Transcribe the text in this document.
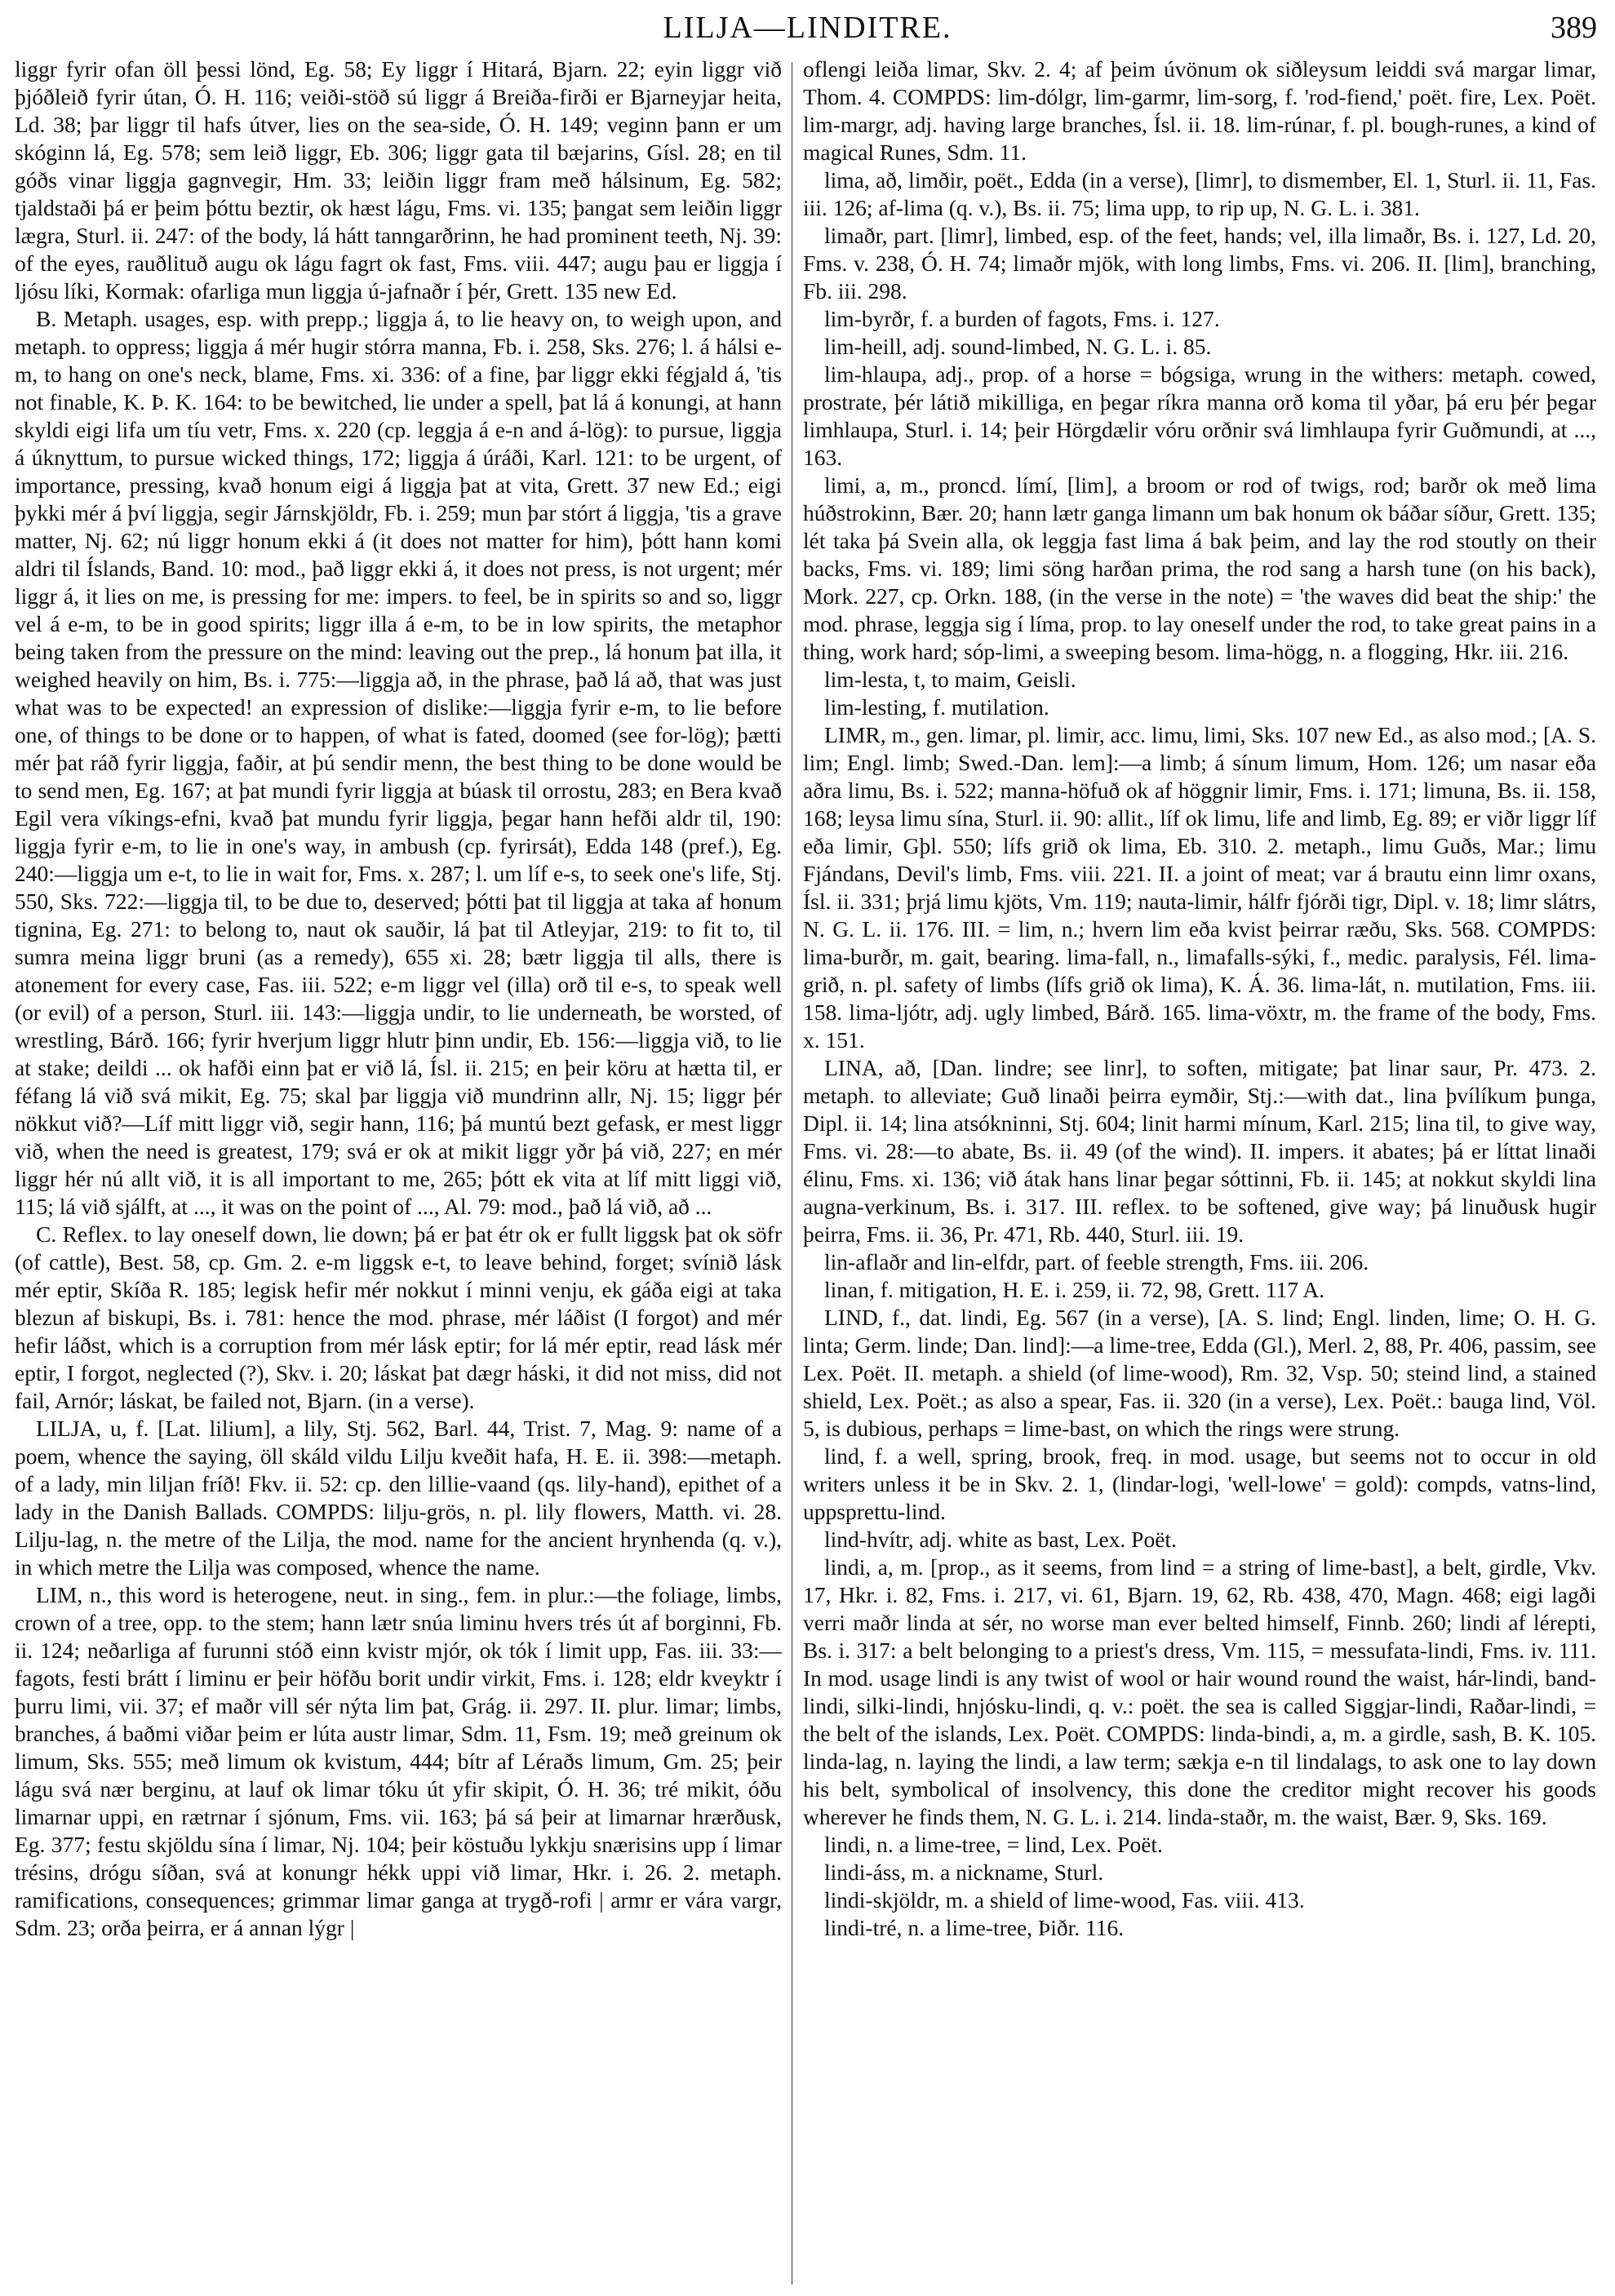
LILJA—LINDITRE.	389

liggr fyrir ofan öll þessi lönd, Eg. 58; Ey liggr í Hitará, Bjarn. 22; eyin liggr við þjóðleið fyrir útan, Ó. H. 116; veiði-stöð sú liggr á Breiða-firði er Bjarneyjar heita, Ld. 38; þar liggr til hafs útver, lies on the sea-side, Ó. H. 149; veginn þann er um skóginn lá, Eg. 578; sem leið liggr, Eb. 306; liggr gata til bæjarins, Gísl. 28; en til góðs vinar liggja gagnvegir, Hm. 33; leiðin liggr fram með hálsinum, Eg. 582; tjaldstaði þá er þeim þóttu beztir, ok hæst lágu, Fms. vi. 135; þangat sem leiðin liggr lægra, Sturl. ii. 247: of the body, lá hátt tanngarðrinn, he had prominent teeth, Nj. 39: of the eyes, rauðlituð augu ok lágu fagrt ok fast, Fms. viii. 447; augu þau er liggja í ljósu líki, Kormak: ofarliga mun liggja ú-jafnaðr í þér, Grett. 135 new Ed.

B. Metaph. usages, esp. with prepp.; liggja á, to lie heavy on, to weigh upon, and metaph. to oppress; liggja á mér hugir stórra manna, Fb. i. 258, Sks. 276; l. á hálsi e-m, to hang on one's neck, blame, Fms. xi. 336: of a fine, þar liggr ekki fégjald á, 'tis not finable, K. Þ. K. 164: to be bewitched, lie under a spell, þat lá á konungi, at hann skyldi eigi lifa um tíu vetr, Fms. x. 220 (cp. leggja á e-n and á-lög): to pursue, liggja á úknyttum, to pursue wicked things, 172; liggja á úráði, Karl. 121: to be urgent, of importance, pressing, kvað honum eigi á liggja þat at vita, Grett. 37 new Ed.; eigi þykki mér á því liggja, segir Járnskjöldr, Fb. i. 259; mun þar stórt á liggja, 'tis a grave matter, Nj. 62; nú liggr honum ekki á (it does not matter for him), þótt hann komi aldri til Íslands, Band. 10: mod., það liggr ekki á, it does not press, is not urgent; mér liggr á, it lies on me, is pressing for me: impers. to feel, be in spirits so and so, liggr vel á e-m, to be in good spirits; liggr illa á e-m, to be in low spirits, the metaphor being taken from the pressure on the mind: leaving out the prep., lá honum þat illa, it weighed heavily on him, Bs. i. 775:—liggja að, in the phrase, það lá að, that was just what was to be expected! an expression of dislike:—liggja fyrir e-m, to lie before one, of things to be done or to happen, of what is fated, doomed (see for-lög); þætti mér þat ráð fyrir liggja, faðir, at þú sendir menn, the best thing to be done would be to send men, Eg. 167; at þat mundi fyrir liggja at búask til orrostu, 283; en Bera kvað Egil vera víkings-efni, kvað þat mundu fyrir liggja, þegar hann hefði aldr til, 190: liggja fyrir e-m, to lie in one's way, in ambush (cp. fyrirsát), Edda 148 (pref.), Eg. 240:—liggja um e-t, to lie in wait for, Fms. x. 287; l. um líf e-s, to seek one's life, Stj. 550, Sks. 722:—liggja til, to be due to, deserved; þótti þat til liggja at taka af honum tignina, Eg. 271: to belong to, naut ok sauðir, lá þat til Atleyjar, 219: to fit to, til sumra meina liggr bruni (as a remedy), 655 xi. 28; bætr liggja til alls, there is atonement for every case, Fas. iii. 522; e-m liggr vel (illa) orð til e-s, to speak well (or evil) of a person, Sturl. iii. 143:—liggja undir, to lie underneath, be worsted, of wrestling, Bárð. 166; fyrir hverjum liggr hlutr þinn undir, Eb. 156:—liggja við, to lie at stake; deildi ... ok hafði einn þat er við lá, Ísl. ii. 215; en þeir köru at hætta til, er féfang lá við svá mikit, Eg. 75; skal þar liggja við mundrinn allr, Nj. 15; liggr þér nökkut við?—Líf mitt liggr við, segir hann, 116; þá muntú bezt gefask, er mest liggr við, when the need is greatest, 179; svá er ok at mikit liggr yðr þá við, 227; en mér liggr hér nú allt við, it is all important to me, 265; þótt ek vita at líf mitt liggi við, 115; lá við sjálft, at ..., it was on the point of ..., Al. 79: mod., það lá við, að ...

C. Reflex. to lay oneself down, lie down; þá er þat étr ok er fullt liggsk þat ok söfr (of cattle), Best. 58, cp. Gm. 2. e-m liggsk e-t, to leave behind, forget; svínið lásk mér eptir, Skíða R. 185; legisk hefir mér nokkut í minni venju, ek gáða eigi at taka blezun af biskupi, Bs. i. 781: hence the mod. phrase, mér láðist (I forgot) and mér hefir láðst, which is a corruption from mér lásk eptir; for lá mér eptir, read lásk mér eptir, I forgot, neglected (?), Skv. i. 20; láskat þat dægr háski, it did not miss, did not fail, Arnór; láskat, be failed not, Bjarn. (in a verse).

LILJA, u, f. [Lat. lilium], a lily, Stj. 562, Barl. 44, Trist. 7, Mag. 9: name of a poem, whence the saying, öll skáld vildu Lilju kveðit hafa, H. E. ii. 398:—metaph. of a lady, min liljan fríð! Fkv. ii. 52: cp. den lillie-vaand (qs. lily-hand), epithet of a lady in the Danish Ballads. COMPDS: lilju-grös, n. pl. lily flowers, Matth. vi. 28. Lilju-lag, n. the metre of the Lilja, the mod. name for the ancient hrynhenda (q. v.), in which metre the Lilja was composed, whence the name.

LIM, n., this word is heterogene, neut. in sing., fem. in plur.:—the foliage, limbs, crown of a tree, opp. to the stem; hann lætr snúa liminu hvers trés út af borginni, Fb. ii. 124; neðarliga af furunni stóð einn kvistr mjór, ok tók í limit upp, Fas. iii. 33:—fagots, festi brátt í liminu er þeir höfðu borit undir virkit, Fms. i. 128; eldr kveyktr í þurru limi, vii. 37; ef maðr vill sér nýta lim þat, Grág. ii. 297. II. plur. limar; limbs, branches, á baðmi viðar þeim er lúta austr limar, Sdm. 11, Fsm. 19; með greinum ok limum, Sks. 555; með limum ok kvistum, 444; bítr af Léraðs limum, Gm. 25; þeir lágu svá nær berginu, at lauf ok limar tóku út yfir skipit, Ó. H. 36; tré mikit, óðu limarnar uppi, en rætrnar í sjónum, Fms. vii. 163; þá sá þeir at limarnar hrærðusk, Eg. 377; festu skjöldu sína í limar, Nj. 104; þeir köstuðu lykkju snærisins upp í limar trésins, drógu síðan, svá at konungr hékk uppi við limar, Hkr. i. 26. 2. metaph. ramifications, consequences; grimmar limar ganga at trygð-rofi | armr er vára vargr, Sdm. 23; orða þeirra, er á annan lýgr |

oflengi leiða limar, Skv. 2. 4; af þeim úvönum ok siðleysum leiddi svá margar limar, Thom. 4. COMPDS: lim-dólgr, lim-garmr, lim-sorg, f. 'rod-fiend,' poët. fire, Lex. Poët. lim-margr, adj. having large branches, Ísl. ii. 18. lim-rúnar, f. pl. bough-runes, a kind of magical Runes, Sdm. 11.

lima, að, limðir, poët., Edda (in a verse), [limr], to dismember, El. 1, Sturl. ii. 11, Fas. iii. 126; af-lima (q. v.), Bs. ii. 75; lima upp, to rip up, N. G. L. i. 381.

limaðr, part. [limr], limbed, esp. of the feet, hands; vel, illa limaðr, Bs. i. 127, Ld. 20, Fms. v. 238, Ó. H. 74; limaðr mjök, with long limbs, Fms. vi. 206. II. [lim], branching, Fb. iii. 298.

lim-byrðr, f. a burden of fagots, Fms. i. 127.

lim-heill, adj. sound-limbed, N. G. L. i. 85.

lim-hlaupa, adj., prop. of a horse = bógsiga, wrung in the withers: metaph. cowed, prostrate, þér látið mikilliga, en þegar ríkra manna orð koma til yðar, þá eru þér þegar limhlaupa, Sturl. i. 14; þeir Hörgdælir vóru orðnir svá limhlaupa fyrir Guðmundi, at ..., 163.

limi, a, m., proncd. límí, [lim], a broom or rod of twigs, rod; barðr ok með lima húðstrokinn, Bær. 20; hann lætr ganga limann um bak honum ok báðar síður, Grett. 135; lét taka þá Svein alla, ok leggja fast lima á bak þeim, and lay the rod stoutly on their backs, Fms. vi. 189; limi söng harðan prima, the rod sang a harsh tune (on his back), Mork. 227, cp. Orkn. 188, (in the verse in the note) = 'the waves did beat the ship:' the mod. phrase, leggja sig í líma, prop. to lay oneself under the rod, to take great pains in a thing, work hard; sóp-limi, a sweeping besom. lima-högg, n. a flogging, Hkr. iii. 216.

lim-lesta, t, to maim, Geisli.

lim-lesting, f. mutilation.

LIMR, m., gen. limar, pl. limir, acc. limu, limi, Sks. 107 new Ed., as also mod.; [A. S. lim; Engl. limb; Swed.-Dan. lem]:—a limb; á sínum limum, Hom. 126; um nasar eða aðra limu, Bs. i. 522; manna-höfuð ok af höggnir limir, Fms. i. 171; limuna, Bs. ii. 158, 168; leysa limu sína, Sturl. ii. 90: allit., líf ok limu, life and limb, Eg. 89; er viðr liggr líf eða limir, Gþl. 550; lífs grið ok lima, Eb. 310. 2. metaph., limu Guðs, Mar.; limu Fjándans, Devil's limb, Fms. viii. 221. II. a joint of meat; var á brautu einn limr oxans, Ísl. ii. 331; þrjá limu kjöts, Vm. 119; nauta-limir, hálfr fjórði tigr, Dipl. v. 18; limr slátrs, N. G. L. ii. 176. III. = lim, n.; hvern lim eða kvist þeirrar ræðu, Sks. 568. COMPDS: lima-burðr, m. gait, bearing. lima-fall, n., limafalls-sýki, f., medic. paralysis, Fél. lima-grið, n. pl. safety of limbs (lífs grið ok lima), K. Á. 36. lima-lát, n. mutilation, Fms. iii. 158. lima-ljótr, adj. ugly limbed, Bárð. 165. lima-vöxtr, m. the frame of the body, Fms. x. 151.

LINA, að, [Dan. lindre; see linr], to soften, mitigate; þat linar saur, Pr. 473. 2. metaph. to alleviate; Guð linaði þeirra eymðir, Stj.:—with dat., lina þvílíkum þunga, Dipl. ii. 14; lina atsókninni, Stj. 604; linit harmi mínum, Karl. 215; lina til, to give way, Fms. vi. 28:—to abate, Bs. ii. 49 (of the wind). II. impers. it abates; þá er líttat linaði élinu, Fms. xi. 136; við átak hans linar þegar sóttinni, Fb. ii. 145; at nokkut skyldi lina augna-verkinum, Bs. i. 317. III. reflex. to be softened, give way; þá linuðusk hugir þeirra, Fms. ii. 36, Pr. 471, Rb. 440, Sturl. iii. 19.

lin-aflaðr and lin-elfdr, part. of feeble strength, Fms. iii. 206.

linan, f. mitigation, H. E. i. 259, ii. 72, 98, Grett. 117 A.

LIND, f., dat. lindi, Eg. 567 (in a verse), [A. S. lind; Engl. linden, lime; O. H. G. linta; Germ. linde; Dan. lind]:—a lime-tree, Edda (Gl.), Merl. 2, 88, Pr. 406, passim, see Lex. Poët. II. metaph. a shield (of lime-wood), Rm. 32, Vsp. 50; steind lind, a stained shield, Lex. Poët.; as also a spear, Fas. ii. 320 (in a verse), Lex. Poët.: bauga lind, Völ. 5, is dubious, perhaps = lime-bast, on which the rings were strung.

lind, f. a well, spring, brook, freq. in mod. usage, but seems not to occur in old writers unless it be in Skv. 2. 1, (lindar-logi, 'well-lowe' = gold): compds, vatns-lind, uppsprettu-lind.

lind-hvítr, adj. white as bast, Lex. Poët.

lindi, a, m. [prop., as it seems, from lind = a string of lime-bast], a belt, girdle, Vkv. 17, Hkr. i. 82, Fms. i. 217, vi. 61, Bjarn. 19, 62, Rb. 438, 470, Magn. 468; eigi lagði verri maðr linda at sér, no worse man ever belted himself, Finnb. 260; lindi af lérepti, Bs. i. 317: a belt belonging to a priest's dress, Vm. 115, = messufata-lindi, Fms. iv. 111. In mod. usage lindi is any twist of wool or hair wound round the waist, hár-lindi, band-lindi, silki-lindi, hnjósku-lindi, q. v.: poët. the sea is called Siggjar-lindi, Raðar-lindi, = the belt of the islands, Lex. Poët. COMPDS: linda-bindi, a, m. a girdle, sash, B. K. 105. linda-lag, n. laying the lindi, a law term; sækja e-n til lindalags, to ask one to lay down his belt, symbolical of insolvency, this done the creditor might recover his goods wherever he finds them, N. G. L. i. 214. linda-staðr, m. the waist, Bær. 9, Sks. 169.

lindi, n. a lime-tree, = lind, Lex. Poët.

lindi-áss, m. a nickname, Sturl.

lindi-skjöldr, m. a shield of lime-wood, Fas. viii. 413.

lindi-tré, n. a lime-tree, Þiðr. 116.
